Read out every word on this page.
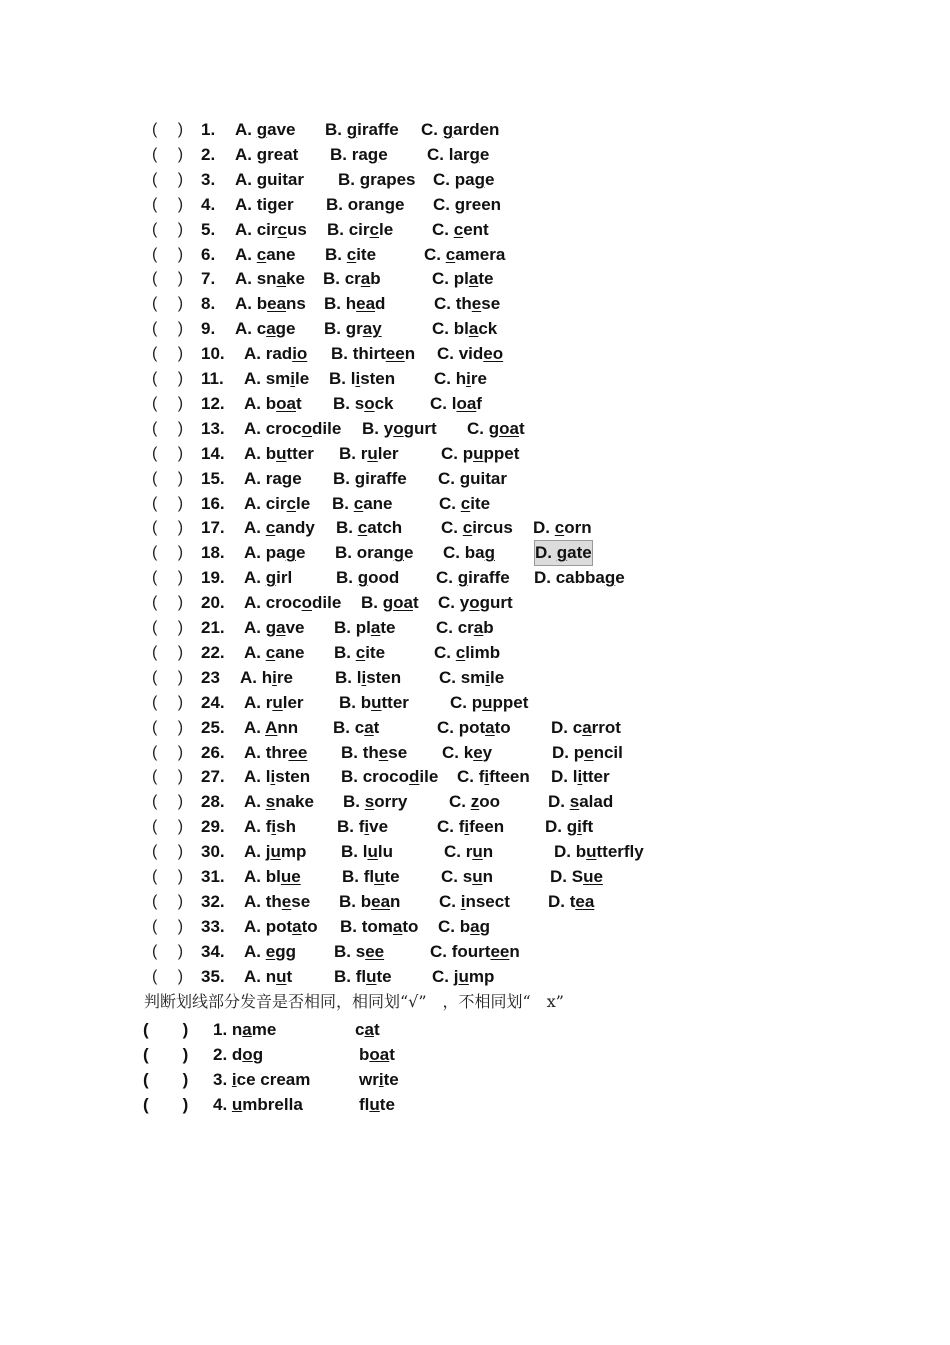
(　 ) 1. A. gave B. giraffe C. garden
(　 ) 2. A. great B. rage C. large
(　 ) 3. A. guitar B. grapes C. page
(　 ) 4. A. tiger B. orange C. green
(　 ) 5. A. circus B. circle C. cent
(　 ) 6. A. cane B. cite	C. camera
(　 ) 7. A. snake B. crab	C. plate
(　 ) 8. A. beans B. head	C. these
(　 ) 9. A. cage B. gray	C. black
(　 ) 10. A. radio B. thirteen C. video
(　 ) 11. A. smile B. listen C. hire
(　 ) 12. A. boat B. sock C. loaf
(　 ) 13. A. crocodile B. yogurt C. goat
(　 ) 14. A. butter B. ruler C. puppet
(　 ) 15. A. rage B. giraffe C. guitar
(　 ) 16. A. circle B. cane	C. cite
(　 ) 17. A. candy B. catch C. circus D. corn
(　 ) 18. A. page B. orange C. bag D. gate
(　 ) 19. A. girl	B. good C. giraffe D. cabbage
(　 ) 20. A. crocodile B. goat C. yogurt
(　 ) 21. A. gave B. plate C. crab
(　 ) 22. A. cane B. cite	C. climb
(　 ) 23 A. hire B. listen C. smile
(　 ) 24. A. ruler B. butter C. puppet
(　 ) 25. A. Ann B. cat	C. potato D. carrot
(　 ) 26. A. three B. these C. key	D. pencil
(　 ) 27. A. listen B. crocodile C. fifteen D. litter
(　 ) 28. A. snake B. sorry C. zoo	D. salad
(　 ) 29. A. fish B. five	C. fifeen D. gift
(　 ) 30. A. jump B. lulu	C. run	D. butterfly
(　 ) 31. A. blue B. flute C. sun	D. Sue
(　 ) 32. A. these B. bean C. insect D. tea
(　 ) 33. A. potato B. tomato C. bag
(　 ) 34. A. egg B. see	C. fourteen
(　 ) 35. A. nut B. flute C. jump
判断划线部分发音是否相同，相同划“√”　，不相同划“　x”
(　　) 1. name	cat
(　　) 2. dog	boat
(　　) 3. ice cream	write
(　　) 4. umbrella	flute
